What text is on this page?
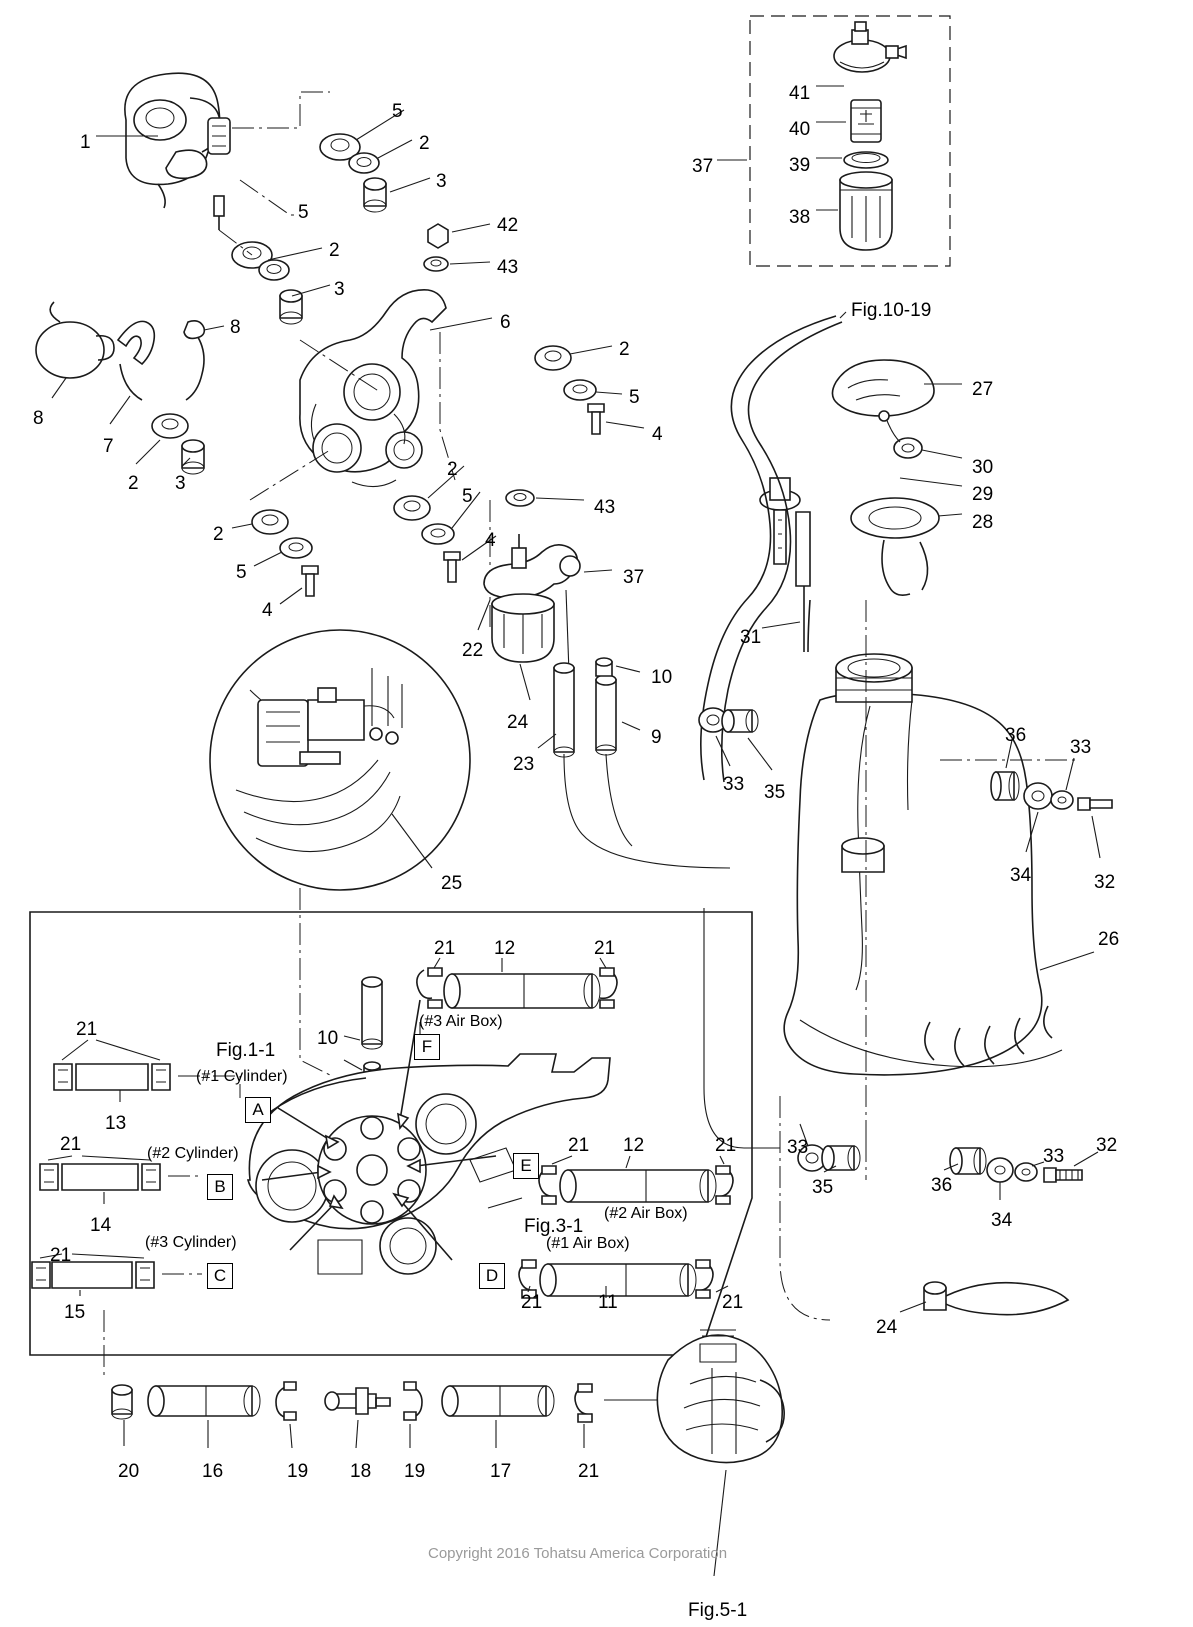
1
5
2
3
5
2
3
42
43
6
2
5
4
8
8
7
2 3
2
5
43
4
2
5
4
22
37
24
23
10
9
37
41
40
39
38
27
30
29
28
31
33 35
36
33
34	32
26
33
35	36
34
33
32
24
25
21 12	21
10
21
13
21
14
21
15
21 12	21
21	11	21
20	16	19 18 19	17	21
Fig.10-19
Fig.1-1
Fig.3-1
Fig.5-1
(#3 Air Box)
(#2 Air Box)
(#1 Air Box)
(#1 Cylinder)
(#2 Cylinder)
(#3 Cylinder)
A
B
C	D
E
F
Copyright 2016 Tohatsu America Corporation
